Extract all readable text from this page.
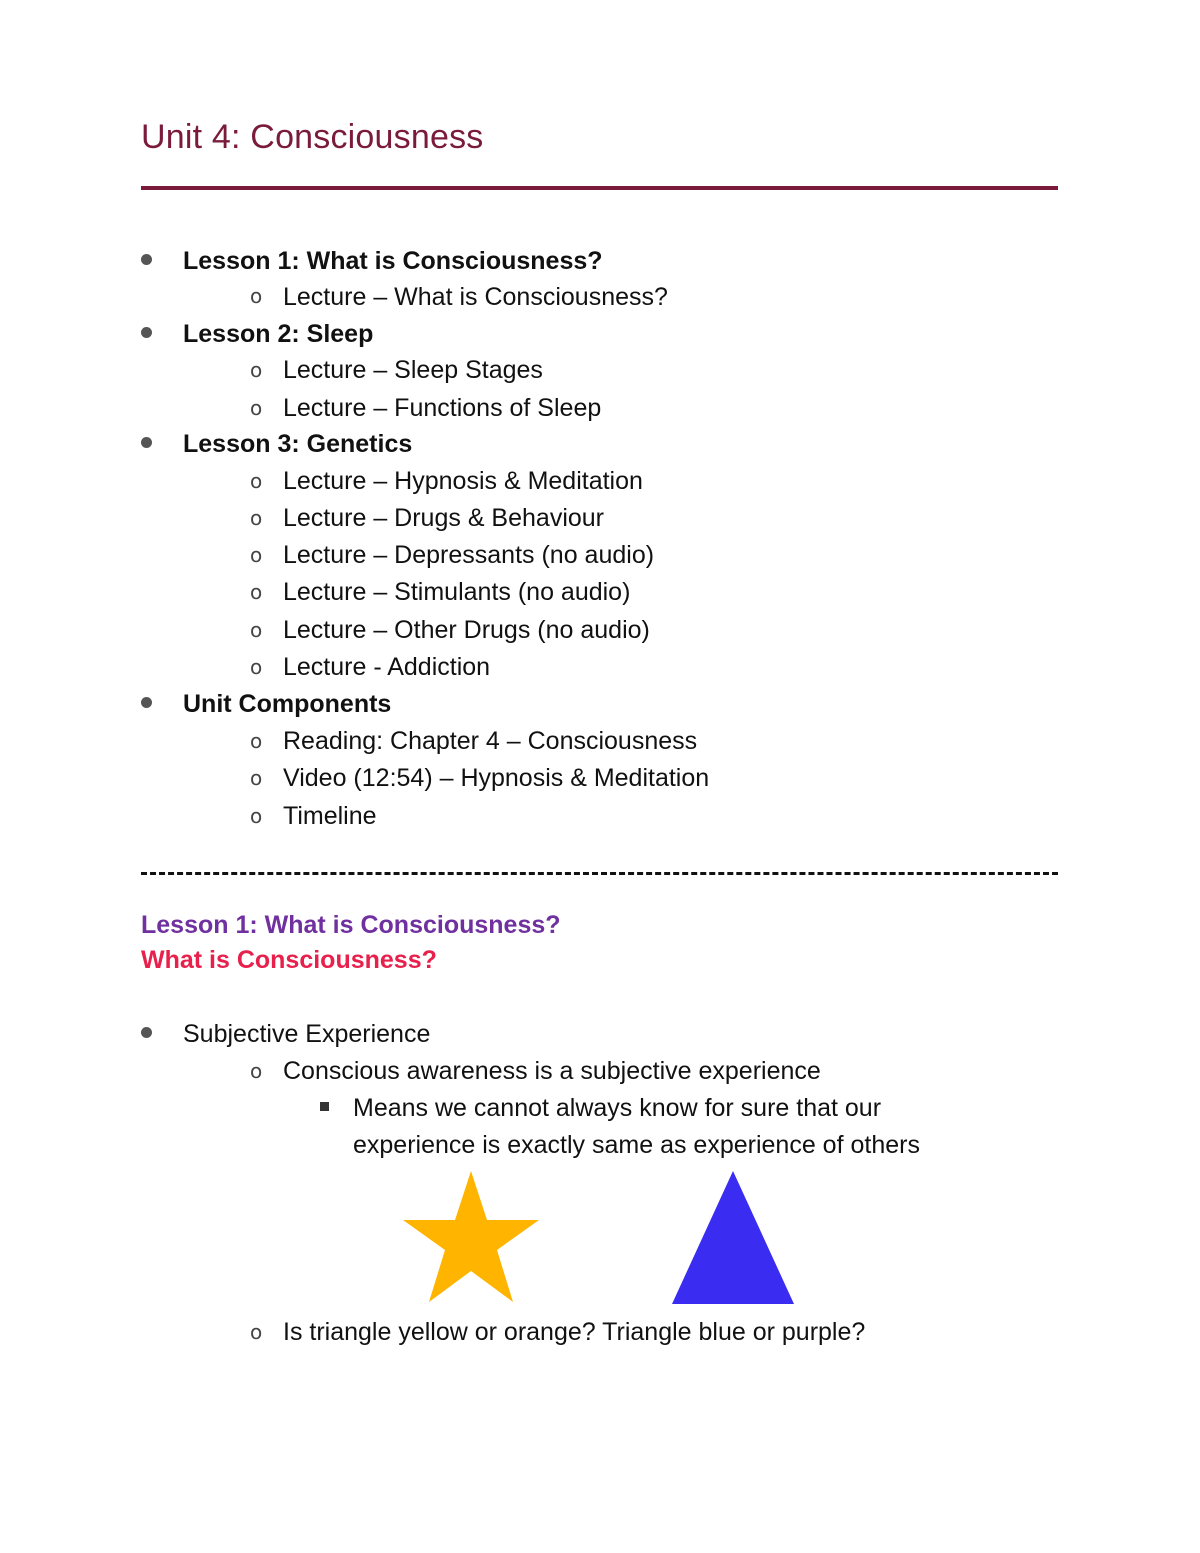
Unit 4: Consciousness
Lesson 1: What is Consciousness?
o Lecture – What is Consciousness?
Lesson 2: Sleep
o Lecture – Sleep Stages
o Lecture – Functions of Sleep
Lesson 3: Genetics
o Lecture – Hypnosis & Meditation
o Lecture – Drugs & Behaviour
o Lecture – Depressants (no audio)
o Lecture – Stimulants (no audio)
o Lecture – Other Drugs (no audio)
o Lecture - Addiction
Unit Components
o Reading: Chapter 4 – Consciousness
o Video (12:54) – Hypnosis & Meditation
o Timeline
Lesson 1: What is Consciousness?
What is Consciousness?
Subjective Experience
o Conscious awareness is a subjective experience
Means we cannot always know for sure that our
experience is exactly same as experience of others
o Is triangle yellow or orange? Triangle blue or purple?
